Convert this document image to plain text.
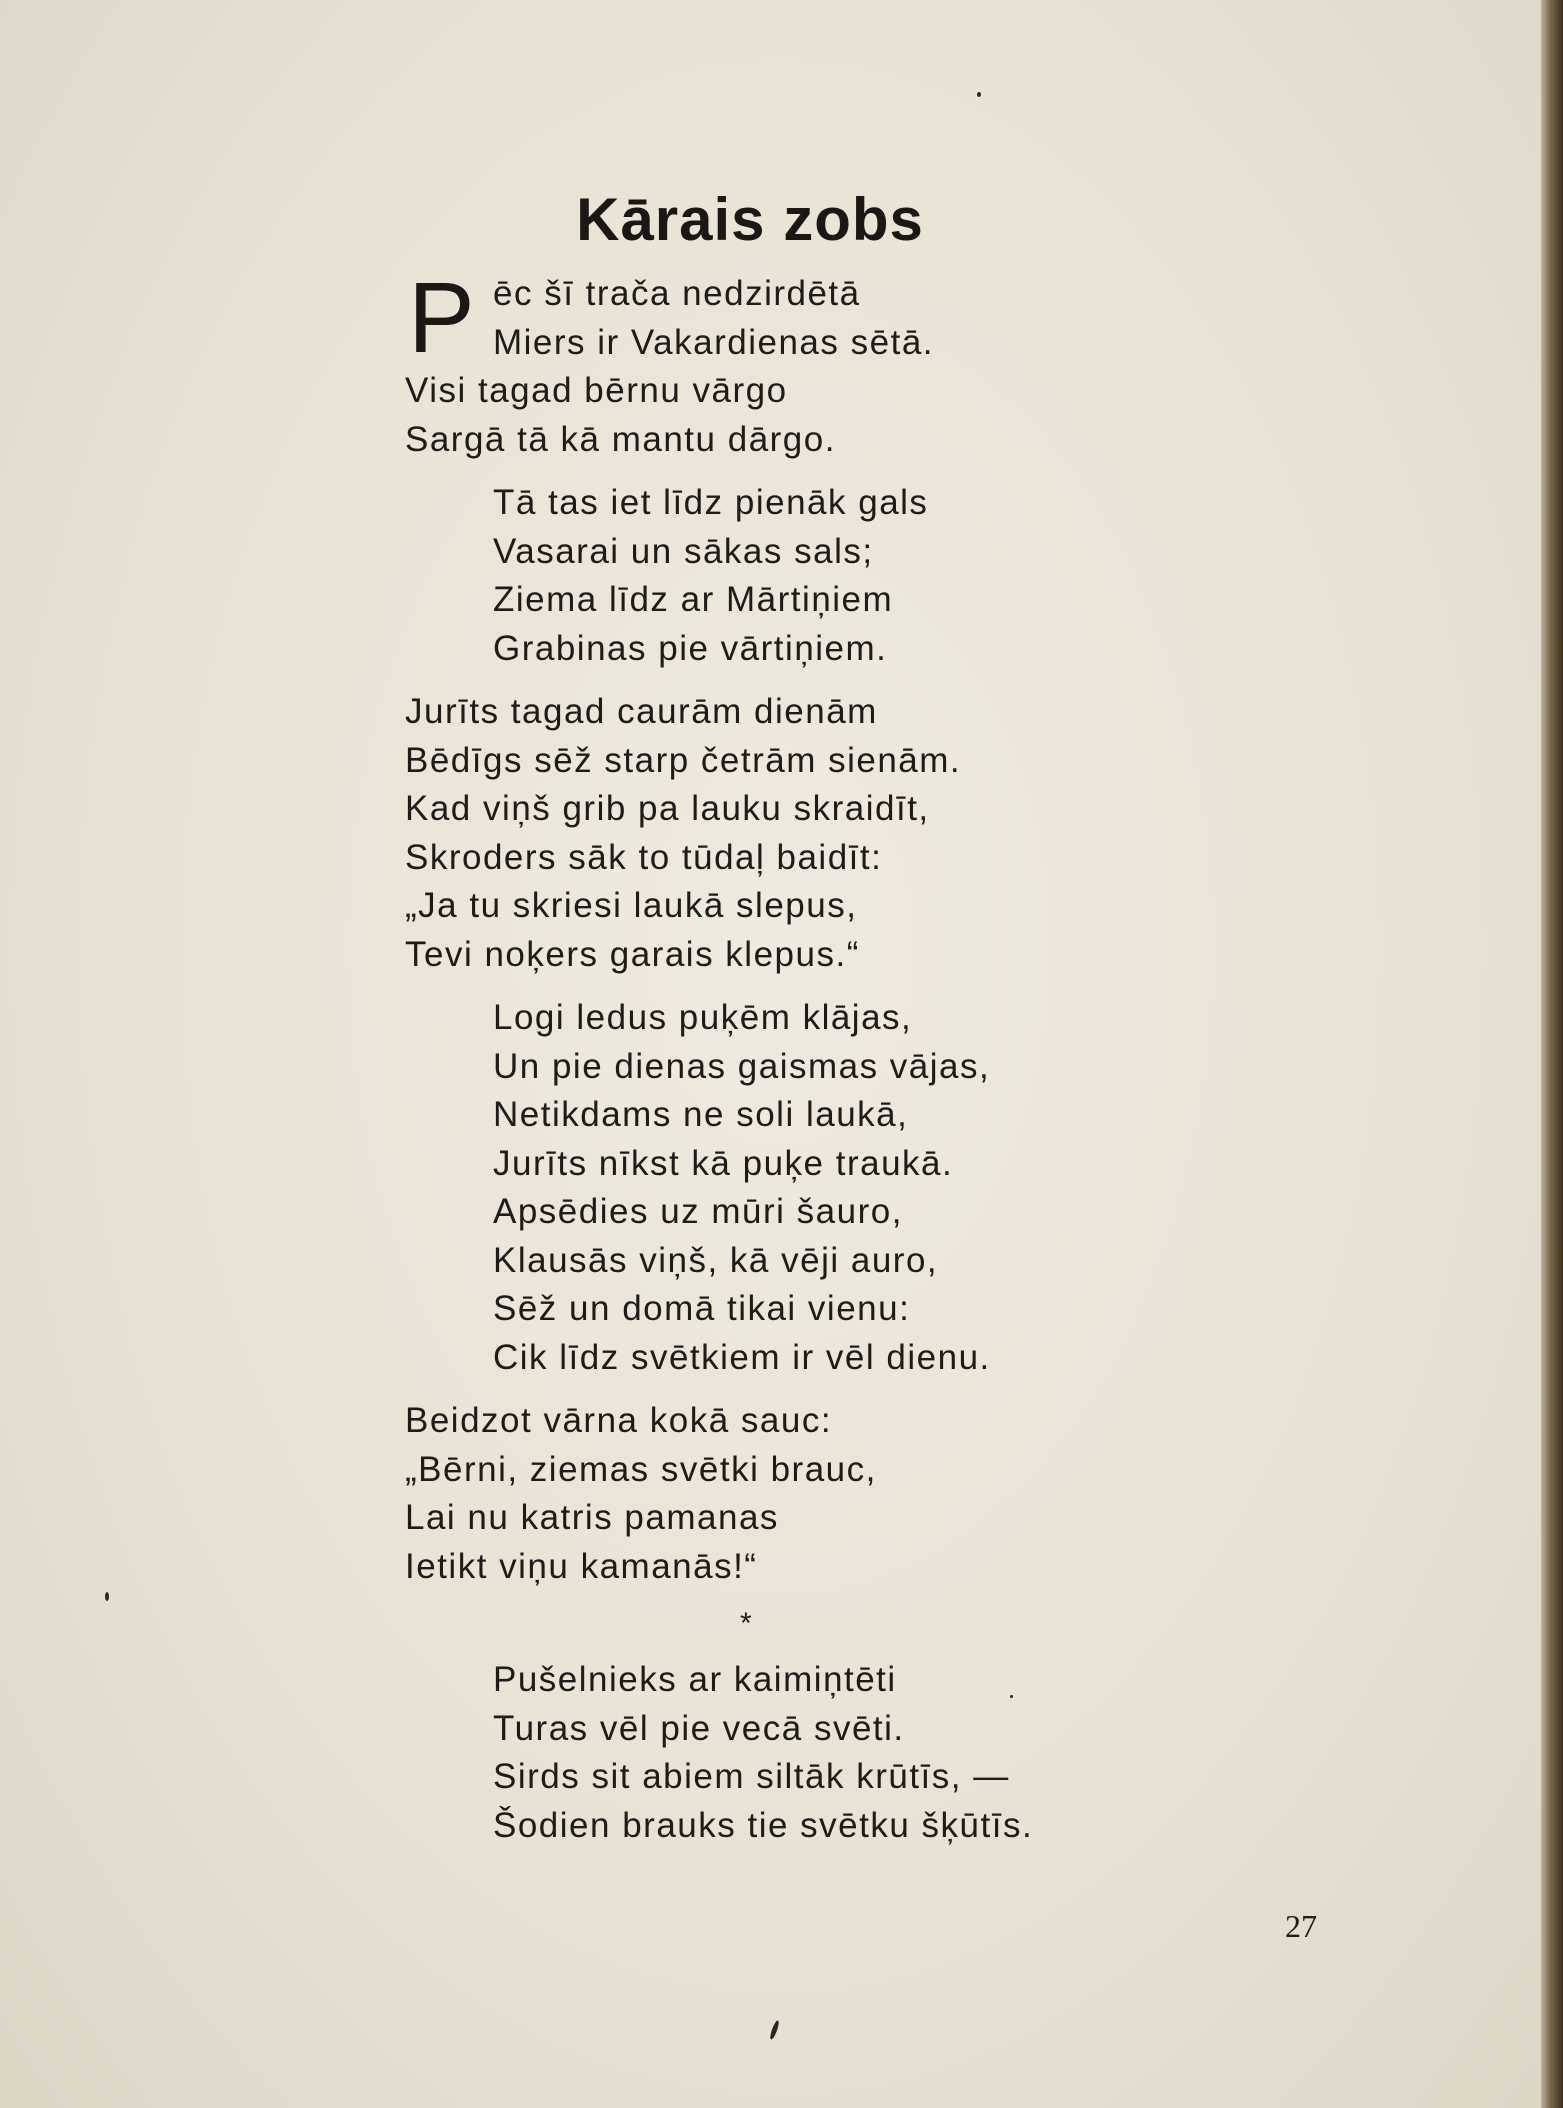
Kārais zobs
P ēc šī trača nedzirdētā
Miers ir Vakardienas sētā.
Visi tagad bērnu vārgo
Sargā tā kā mantu dārgo.
Tā tas iet līdz pienāk gals
Vasarai un sākas sals;
Ziema līdz ar Mārtiņiem
Grabinas pie vārtiņiem.
Jurīts tagad caurām dienām
Bēdīgs sēž starp četrām sienām.
Kad viņš grib pa lauku skraidīt,
Skroders sāk to tūdaļ baidīt:
„Ja tu skriesi laukā slepus,
Tevi noķers garais klepus.“
Logi ledus puķēm klājas,
Un pie dienas gaismas vājas,
Netikdams ne soli laukā,
Jurīts nīkst kā puķe traukā.
Apsēdies uz mūri šauro,
Klausās viņš, kā vēji auro,
Sēž un domā tikai vienu:
Cik līdz svētkiem ir vēl dienu.
Beidzot vārna kokā sauc:
„Bērni, ziemas svētki brauc,
Lai nu katris pamanas
Ietikt viņu kamanās!“
*
Pušelnieks ar kaimiņtēti
Turas vēl pie vecā svēti.
Sirds sit abiem siltāk krūtīs, —
Šodien brauks tie svētku šķūtīs.
27
